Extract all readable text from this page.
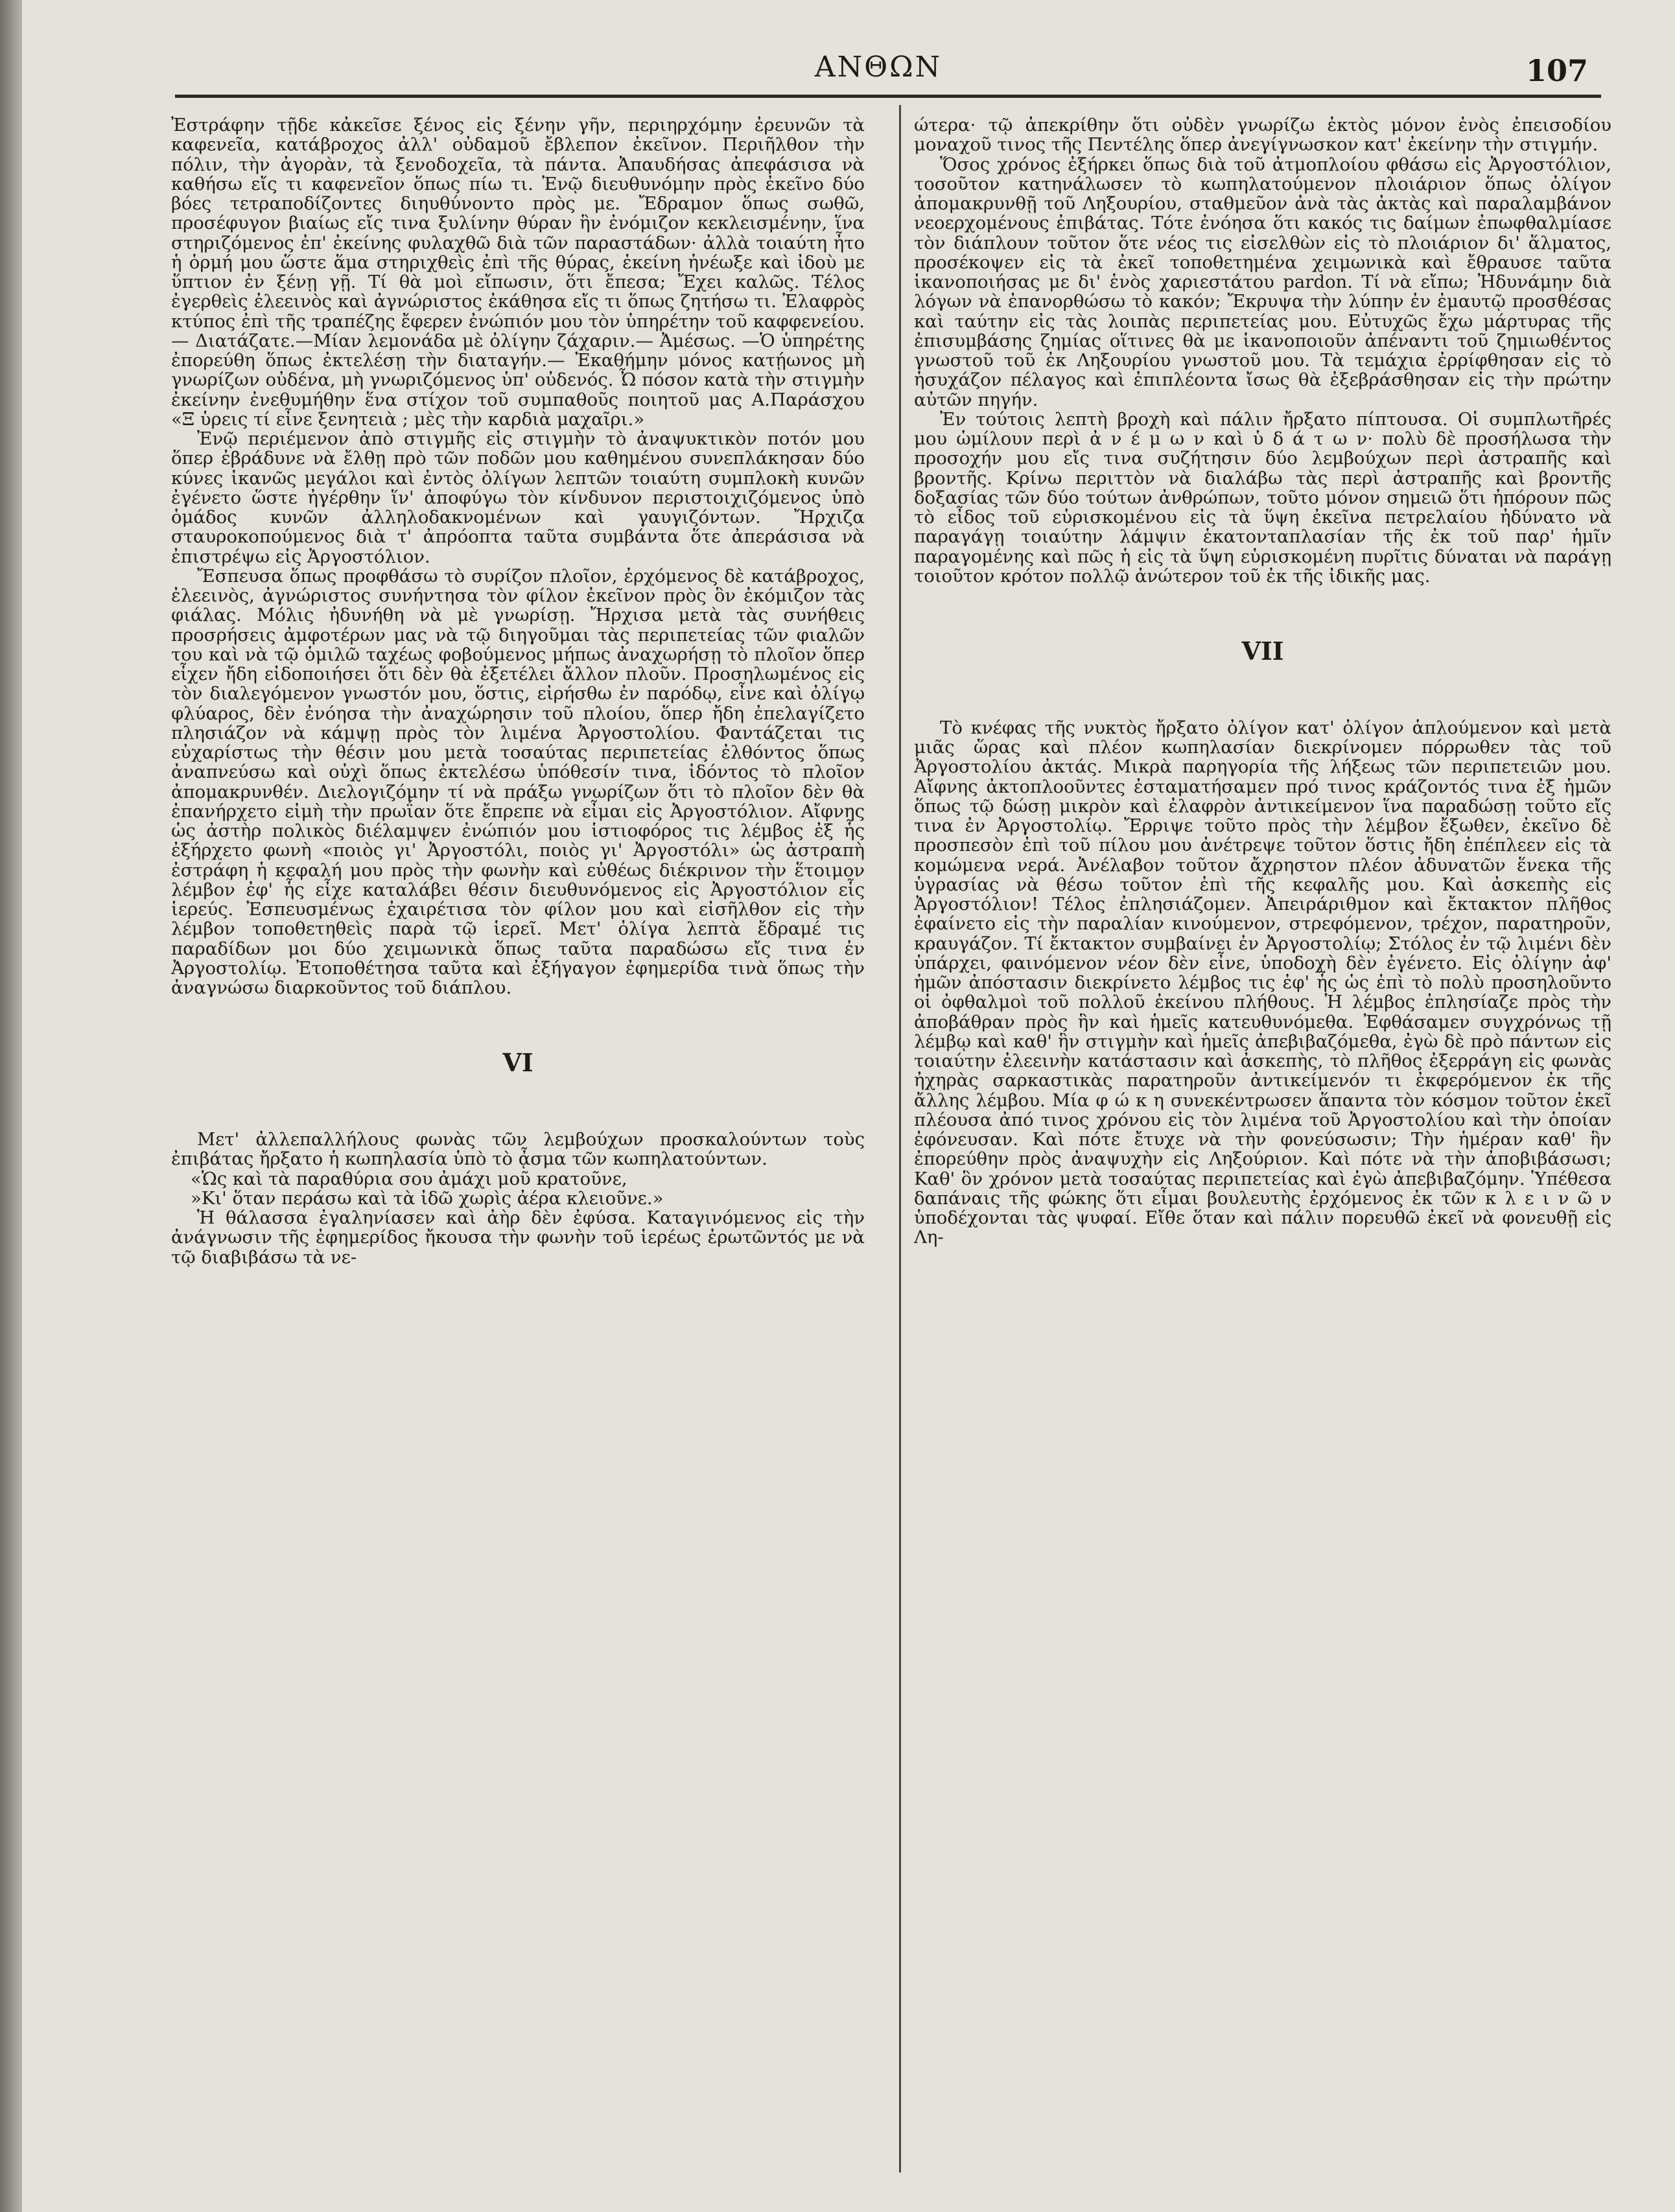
ΑΝΘΩΝ	107

Ἐστράφην τῇδε κἀκεῖσε ξένος εἰς ξένην γῆν, περιηρχόμην ἐρευνῶν τὰ καφενεῖα, κατάβροχος ἀλλ' οὐδαμοῦ ἔβλεπον ἐκεῖνον. Περιῆλθον τὴν πόλιν, τὴν ἀγορὰν, τὰ ξενοδοχεῖα, τὰ πάντα. Ἀπαυδήσας ἀπεφάσισα νὰ καθήσω εἴς τι καφενεῖον ὅπως πίω τι. Ἐνῷ διευθυνόμην πρὸς ἐκεῖνο δύο βόες τετραποδίζοντες διηυθύνοντο πρὸς με. Ἔδραμον ὅπως σωθῶ, προσέφυγον βιαίως εἴς τινα ξυλίνην θύραν ἣν ἐνόμιζον κεκλεισμένην, ἵνα στηριζόμενος ἐπ' ἐκείνης φυλαχθῶ διὰ τῶν παραστάδων· ἀλλὰ τοιαύτη ἦτο ἡ ὁρμή μου ὥστε ἅμα στηριχθεὶς ἐπὶ τῆς θύρας, ἐκείνη ἠνέωξε καὶ ἰδοὺ με ὕπτιον ἐν ξένῃ γῇ. Τί θὰ μοὶ εἴπωσιν, ὅτι ἔπεσα; Ἔχει καλῶς. Τέλος ἐγερθεὶς ἐλεεινὸς καὶ ἀγνώριστος ἐκάθησα εἴς τι ὅπως ζητήσω τι. Ἐλαφρὸς κτύπος ἐπὶ τῆς τραπέζης ἔφερεν ἐνώπιόν μου τὸν ὑπηρέτην τοῦ καφφενείου.— Διατάζατε.—Μίαν λεμονάδα μὲ ὀλίγην ζάχαριν.— Ἀμέσως. —Ὁ ὑπηρέτης ἐπορεύθη ὅπως ἐκτελέσῃ τὴν διαταγήν.— Ἐκαθήμην μόνος κατῄωνος μὴ γνωρίζων οὐδένα, μὴ γνωριζόμενος ὑπ' οὐδενός. Ὦ πόσον κατὰ τὴν στιγμὴν ἐκείνην ἐνεθυμήθην ἕνα στίχον τοῦ συμπαθοῦς ποιητοῦ μας Α.Παράσχου «Ξ ὑρεις τί εἶνε ξενητειὰ ; μὲς τὴν καρδιὰ μαχαῖρι.»

Ἐνῷ περιέμενον ἀπὸ στιγμῆς εἰς στιγμὴν τὸ ἀναψυκτικὸν ποτόν μου ὅπερ ἐβράδυνε νὰ ἔλθῃ πρὸ τῶν ποδῶν μου καθημένου συνεπλάκησαν δύο κύνες ἱκανῶς μεγάλοι καὶ ἐντὸς ὀλίγων λεπτῶν τοιαύτη συμπλοκὴ κυνῶν ἐγένετο ὥστε ἠγέρθην ἵν' ἀποφύγω τὸν κίνδυνον περιστοιχιζόμενος ὑπὸ ὁμάδος κυνῶν ἀλληλοδακνομένων καὶ γαυγιζόντων. Ἤρχιζα σταυροκοπούμενος διὰ τ' ἀπρόοπτα ταῦτα συμβάντα ὅτε ἀπεράσισα νὰ ἐπιστρέψω εἰς Ἀργοστόλιον.

Ἔσπευσα ὅπως προφθάσω τὸ συρίζον πλοῖον, ἐρχόμενος δὲ κατάβροχος, ἐλεεινὸς, ἀγνώριστος συνήντησα τὸν φίλον ἐκεῖνον πρὸς ὃν ἐκόμιζον τὰς φιάλας. Μόλις ἠδυνήθη νὰ μὲ γνωρίσῃ. Ἤρχισα μετὰ τὰς συνήθεις προσρήσεις ἀμφοτέρων μας νὰ τῷ διηγοῦμαι τὰς περιπετείας τῶν φιαλῶν του καὶ νὰ τῷ ὁμιλῶ ταχέως φοβούμενος μήπως ἀναχωρήσῃ τὸ πλοῖον ὅπερ εἶχεν ἤδη εἰδοποιήσει ὅτι δὲν θὰ ἐξετέλει ἄλλον πλοῦν. Προσηλωμένος εἰς τὸν διαλεγόμενον γνωστόν μου, ὅστις, εἰρήσθω ἐν παρόδῳ, εἶνε καὶ ὀλίγῳ φλύαρος, δὲν ἐνόησα τὴν ἀναχώρησιν τοῦ πλοίου, ὅπερ ἤδη ἐπελαγίζετο πλησιάζον νὰ κάμψῃ πρὸς τὸν λιμένα Ἀργοστολίου. Φαντάζεται τις εὐχαρίστως τὴν θέσιν μου μετὰ τοσαύτας περιπετείας ἐλθόντος ὅπως ἀναπνεύσω καὶ οὐχὶ ὅπως ἐκτελέσω ὑπόθεσίν τινα, ἰδόντος τὸ πλοῖον ἀπομακρυνθέν. Διελογιζόμην τί νὰ πράξω γνωρίζων ὅτι τὸ πλοῖον δὲν θὰ ἐπανήρχετο εἰμὴ τὴν πρωΐαν ὅτε ἔπρεπε νὰ εἶμαι εἰς Ἀργοστόλιον. Αἴφνης ὡς ἀστὴρ πολικὸς διέλαμψεν ἐνώπιόν μου ἱστιοφόρος τις λέμβος ἐξ ἧς ἐξήρχετο φωνὴ «ποιὸς γι' Ἀργοστόλι, ποιὸς γι' Ἀργοστόλι» ὡς ἀστραπὴ ἐστράφη ἡ κεφαλή μου πρὸς τὴν φωνὴν καὶ εὐθέως διέκρινον τὴν ἕτοιμον λέμβον ἐφ' ἧς εἶχε καταλάβει θέσιν διευθυνόμενος εἰς Ἀργοστόλιον εἷς ἱερεύς. Ἐσπευσμένως ἐχαιρέτισα τὸν φίλον μου καὶ εἰσῆλθον εἰς τὴν λέμβον τοποθετηθεὶς παρὰ τῷ ἱερεῖ. Μετ' ὀλίγα λεπτὰ ἔδραμέ τις παραδίδων μοι δύο χειμωνικὰ ὅπως ταῦτα παραδώσω εἴς τινα ἐν Ἀργοστολίῳ. Ἐτοποθέτησα ταῦτα καὶ ἐξήγαγον ἐφημερίδα τινὰ ὅπως τὴν ἀναγνώσω διαρκοῦντος τοῦ διάπλου.

VI

Μετ' ἀλλεπαλλήλους φωνὰς τῶν λεμβούχων προσκαλούντων τοὺς ἐπιβάτας ἤρξατο ἡ κωπηλασία ὑπὸ τὸ ᾆσμα τῶν κωπηλατούντων.

«Ὡς καὶ τὰ παραθύρια σου ἀμάχι μοῦ κρατοῦνε,

»Κι' ὅταν περάσω καὶ τὰ ἰδῶ χωρὶς ἀέρα κλειοῦνε.»

Ἡ θάλασσα ἐγαληνίασεν καὶ ἀὴρ δὲν ἐφύσα. Καταγινόμενος εἰς τὴν ἀνάγνωσιν τῆς ἐφημερίδος ἤκουσα τὴν φωνὴν τοῦ ἱερέως ἐρωτῶντός με νὰ τῷ διαβιβάσω τὰ νε-

ώτερα· τῷ ἀπεκρίθην ὅτι οὐδὲν γνωρίζω ἐκτὸς μόνον ἑνὸς ἐπεισοδίου μοναχοῦ τινος τῆς Πεντέλης ὅπερ ἀνεγίγνωσκον κατ' ἐκείνην τὴν στιγμήν.

Ὅσος χρόνος ἐξήρκει ὅπως διὰ τοῦ ἀτμοπλοίου φθάσω εἰς Ἀργοστόλιον, τοσοῦτον κατηνάλωσεν τὸ κωπηλατούμενον πλοιάριον ὅπως ὀλίγον ἀπομακρυνθῇ τοῦ Ληξουρίου, σταθμεῦον ἀνὰ τὰς ἀκτὰς καὶ παραλαμβάνον νεοερχομένους ἐπιβάτας. Τότε ἐνόησα ὅτι κακός τις δαίμων ἐπωφθαλμίασε τὸν διάπλουν τοῦτον ὅτε νέος τις εἰσελθὼν εἰς τὸ πλοιάριον δι' ἅλματος, προσέκοψεν εἰς τὰ ἐκεῖ τοποθετημένα χειμωνικὰ καὶ ἔθραυσε ταῦτα ἱκανοποιήσας με δι' ἑνὸς χαριεστάτου pardon. Τί νὰ εἴπω; Ἠδυνάμην διὰ λόγων νὰ ἐπανορθώσω τὸ κακόν; Ἔκρυψα τὴν λύπην ἐν ἐμαυτῷ προσθέσας καὶ ταύτην εἰς τὰς λοιπὰς περιπετείας μου. Εὐτυχῶς ἔχω μάρτυρας τῆς ἐπισυμβάσης ζημίας οἵτινες θὰ με ἱκανοποιοῦν ἀπέναντι τοῦ ζημιωθέντος γνωστοῦ τοῦ ἐκ Ληξουρίου γνωστοῦ μου. Τὰ τεμάχια ἐρρίφθησαν εἰς τὸ ἡσυχάζον πέλαγος καὶ ἐπιπλέοντα ἴσως θὰ ἐξεβράσθησαν εἰς τὴν πρώτην αὐτῶν πηγήν.

Ἐν τούτοις λεπτὴ βροχὴ καὶ πάλιν ἤρξατο πίπτουσα. Οἱ συμπλωτῆρές μου ὡμίλουν περὶ ἀ ν έ μ ω ν καὶ ὑ δ ά τ ω ν· πολὺ δὲ προσήλωσα τὴν προσοχήν μου εἴς τινα συζήτησιν δύο λεμβούχων περὶ ἀστραπῆς καὶ βροντῆς. Κρίνω περιττὸν νὰ διαλάβω τὰς περὶ ἀστραπῆς καὶ βροντῆς δοξασίας τῶν δύο τούτων ἀνθρώπων, τοῦτο μόνον σημειῶ ὅτι ἠπόρουν πῶς τὸ εἶδος τοῦ εὑρισκομένου εἰς τὰ ὕψη ἐκεῖνα πετρελαίου ἠδύνατο νὰ παραγάγῃ τοιαύτην λάμψιν ἑκατονταπλασίαν τῆς ἐκ τοῦ παρ' ἡμῖν παραγομένης καὶ πῶς ἡ εἰς τὰ ὕψη εὑρισκομένη πυρῖτις δύναται νὰ παράγῃ τοιοῦτον κρότον πολλῷ ἀνώτερον τοῦ ἐκ τῆς ἰδικῆς μας.

VII

Τὸ κνέφας τῆς νυκτὸς ἤρξατο ὀλίγον κατ' ὀλίγον ἁπλούμενον καὶ μετὰ μιᾶς ὥρας καὶ πλέον κωπηλασίαν διεκρίνομεν πόρρωθεν τὰς τοῦ Ἀργοστολίου ἀκτάς. Μικρὰ παρηγορία τῆς λήξεως τῶν περιπετειῶν μου. Αἴφνης ἀκτοπλοοῦντες ἐσταματήσαμεν πρό τινος κράζοντός τινα ἐξ ἡμῶν ὅπως τῷ δώσῃ μικρὸν καὶ ἐλαφρὸν ἀντικείμενον ἵνα παραδώσῃ τοῦτο εἴς τινα ἐν Ἀργοστολίῳ. Ἔρριψε τοῦτο πρὸς τὴν λέμβον ἔξωθεν, ἐκεῖνο δὲ προσπεσὸν ἐπὶ τοῦ πίλου μου ἀνέτρεψε τοῦτον ὅστις ἤδη ἐπέπλεεν εἰς τὰ κομώμενα νερά. Ἀνέλαβον τοῦτον ἄχρηστον πλέον ἀδυνατῶν ἕνεκα τῆς ὑγρασίας νὰ θέσω τοῦτον ἐπὶ τῆς κεφαλῆς μου. Καὶ ἀσκεπὴς εἰς Ἀργοστόλιον! Τέλος ἐπλησιάζομεν. Ἀπειράριθμον καὶ ἔκτακτον πλῆθος ἐφαίνετο εἰς τὴν παραλίαν κινούμενον, στρεφόμενον, τρέχον, παρατηροῦν, κραυγάζον. Τί ἔκτακτον συμβαίνει ἐν Ἀργοστολίῳ; Στόλος ἐν τῷ λιμένι δὲν ὑπάρχει, φαινόμενον νέον δὲν εἶνε, ὑποδοχὴ δὲν ἐγένετο. Εἰς ὀλίγην ἀφ' ἡμῶν ἀπόστασιν διεκρίνετο λέμβος τις ἐφ' ἧς ὡς ἐπὶ τὸ πολὺ προσηλοῦντο οἱ ὀφθαλμοὶ τοῦ πολλοῦ ἐκείνου πλήθους. Ἡ λέμβος ἐπλησίαζε πρὸς τὴν ἀποβάθραν πρὸς ἣν καὶ ἡμεῖς κατευθυνόμεθα. Ἐφθάσαμεν συγχρόνως τῇ λέμβῳ καὶ καθ' ἣν στιγμὴν καὶ ἡμεῖς ἀπεβιβαζόμεθα, ἐγὼ δὲ πρὸ πάντων εἰς τοιαύτην ἐλεεινὴν κατάστασιν καὶ ἀσκεπὴς, τὸ πλῆθος ἐξερράγη εἰς φωνὰς ἠχηρὰς σαρκαστικὰς παρατηροῦν ἀντικείμενόν τι ἐκφερόμενον ἐκ τῆς ἄλλης λέμβου. Μία φ ώ κ η συνεκέντρωσεν ἅπαντα τὸν κόσμον τοῦτον ἐκεῖ πλέουσα ἀπό τινος χρόνου εἰς τὸν λιμένα τοῦ Ἀργοστολίου καὶ τὴν ὁποίαν ἐφόνευσαν. Καὶ πότε ἔτυχε νὰ τὴν φονεύσωσιν; Τὴν ἡμέραν καθ' ἣν ἐπορεύθην πρὸς ἀναψυχὴν εἰς Ληξούριον. Καὶ πότε νὰ τὴν ἀποβιβάσωσι; Καθ' ὃν χρόνον μετὰ τοσαύτας περιπετείας καὶ ἐγὼ ἀπεβιβαζόμην. Ὑπέθεσα δαπάναις τῆς φώκης ὅτι εἶμαι βουλευτὴς ἐρχόμενος ἐκ τῶν κ λ ε ι ν ῶ ν ὑποδέχονται τὰς ψυφαί. Εἴθε ὅταν καὶ πάλιν πορευθῶ ἐκεῖ νὰ φονευθῇ εἰς Λη-
